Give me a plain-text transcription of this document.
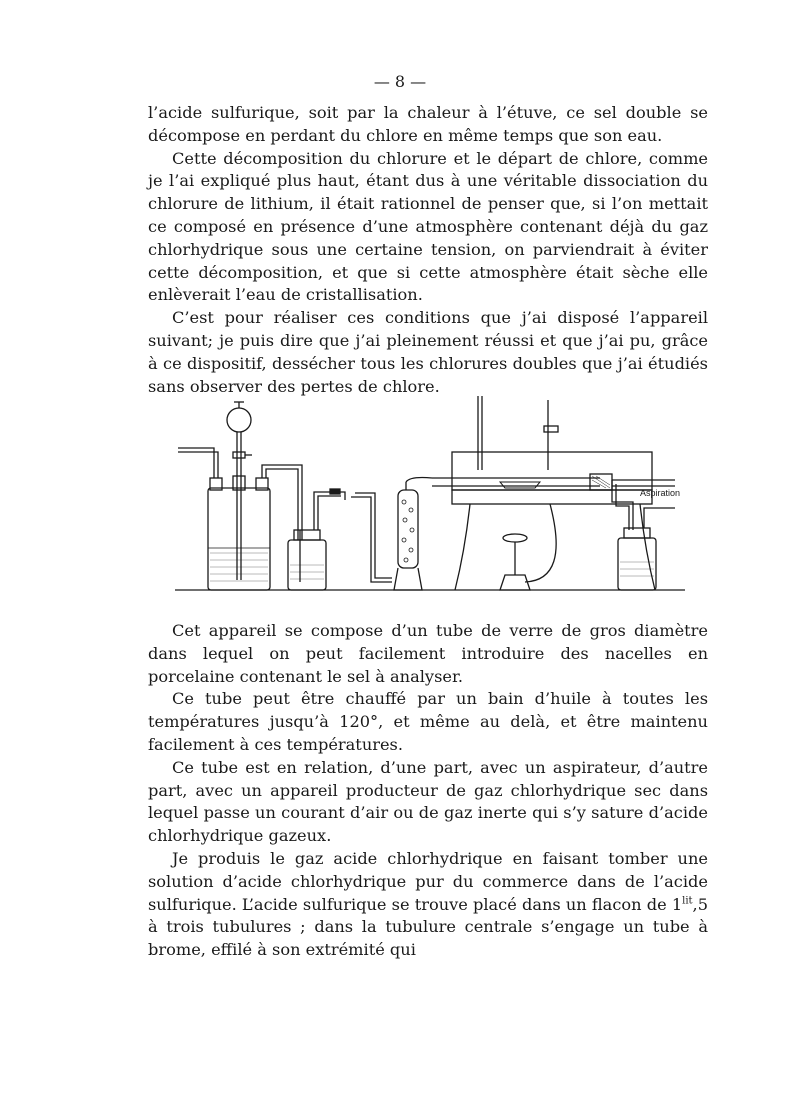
— 8 —

l’acide sulfurique, soit par la chaleur à l’étuve, ce sel double se décompose en perdant du chlore en même temps que son eau.

Cette décomposition du chlorure et le départ de chlore, comme je l’ai expliqué plus haut, étant dus à une véritable dissociation du chlorure de lithium, il était rationnel de penser que, si l’on mettait ce composé en présence d’une atmosphère contenant déjà du gaz chlorhydrique sous une certaine tension, on parviendrait à éviter cette décomposition, et que si cette atmosphère était sèche elle enlèverait l’eau de cristallisation.

C’est pour réaliser ces conditions que j’ai disposé l’appareil suivant; je puis dire que j’ai pleinement réussi et que j’ai pu, grâce à ce dispositif, dessécher tous les chlorures doubles que j’ai étudiés sans observer des pertes de chlore.

Aspiration

Cet appareil se compose d’un tube de verre de gros diamètre dans lequel on peut facilement introduire des nacelles en porcelaine contenant le sel à analyser.

Ce tube peut être chauffé par un bain d’huile à toutes les températures jusqu’à 120°, et même au delà, et être maintenu facilement à ces températures.

Ce tube est en relation, d’une part, avec un aspirateur, d’autre part, avec un appareil producteur de gaz chlorhydrique sec dans lequel passe un courant d’air ou de gaz inerte qui s’y sature d’acide chlorhydrique gazeux.

Je produis le gaz acide chlorhydrique en faisant tomber une solution d’acide chlorhydrique pur du commerce dans de l’acide sulfurique. L’acide sulfurique se trouve placé dans un flacon de $1^{lit},5$ à trois tubulures ; dans la tubulure centrale s’engage un tube à brome, effilé à son extrémité qui
